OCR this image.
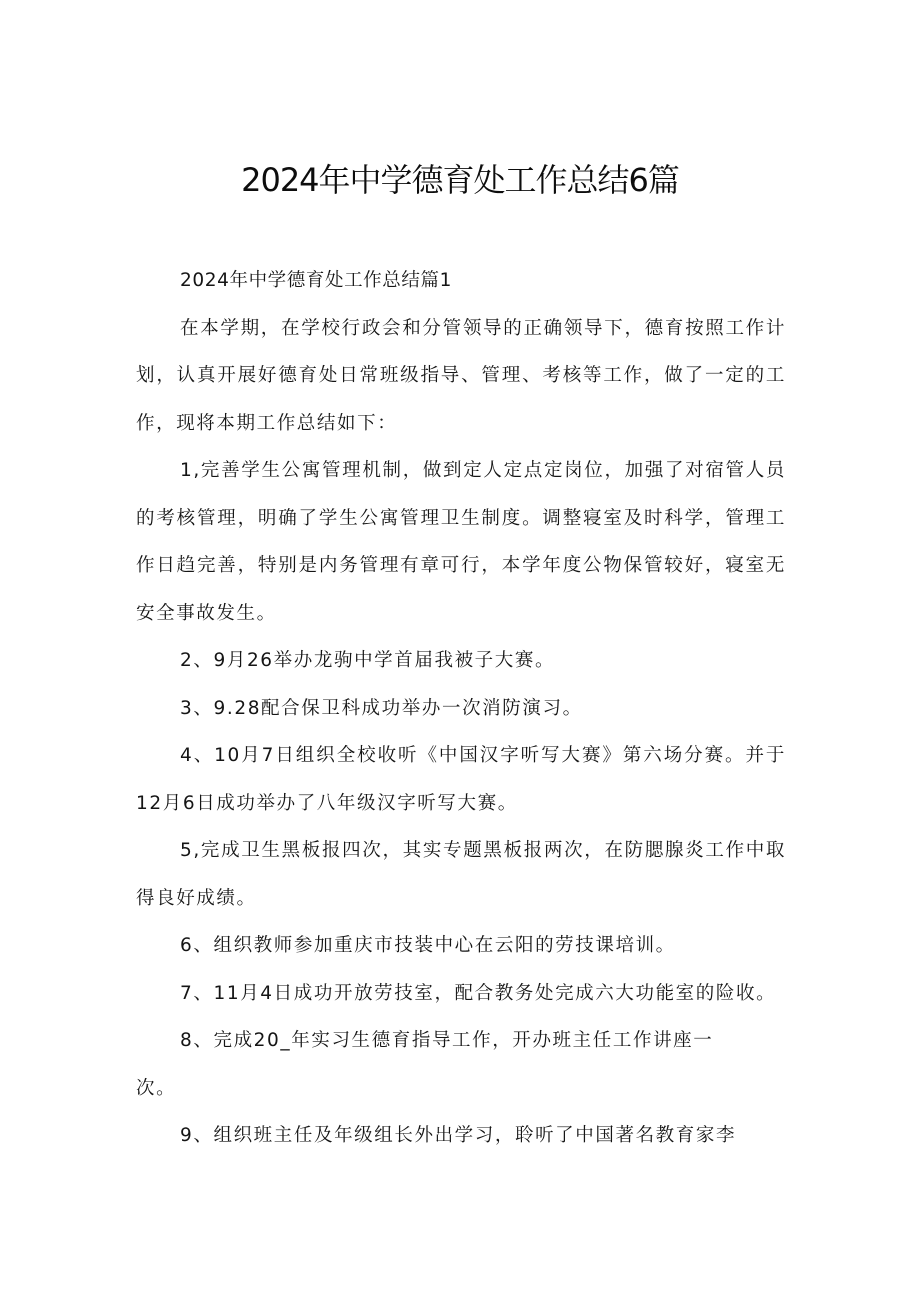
2024年中学德育处工作总结6篇

2024年中学德育处工作总结篇1

在本学期，在学校行政会和分管领导的正确领导下，德育按照工作计划，认真开展好德育处日常班级指导、管理、考核等工作，做了一定的工作，现将本期工作总结如下：

1,完善学生公寓管理机制，做到定人定点定岗位，加强了对宿管人员的考核管理，明确了学生公寓管理卫生制度。调整寝室及时科学，管理工作日趋完善，特别是内务管理有章可行，本学年度公物保管较好，寝室无安全事故发生。

2、9月26举办龙驹中学首届我被子大赛。

3、9.28配合保卫科成功举办一次消防演习。

4、10月7日组织全校收听《中国汉字听写大赛》第六场分赛。并于12月6日成功举办了八年级汉字听写大赛。

5,完成卫生黑板报四次，其实专题黑板报两次，在防腮腺炎工作中取得良好成绩。

6、组织教师参加重庆市技装中心在云阳的劳技课培训。

7、11月4日成功开放劳技室，配合教务处完成六大功能室的险收。

8、完成20_年实习生德育指导工作，开办班主任工作讲座一

次。

9、组织班主任及年级组长外出学习，聆听了中国著名教育家李
